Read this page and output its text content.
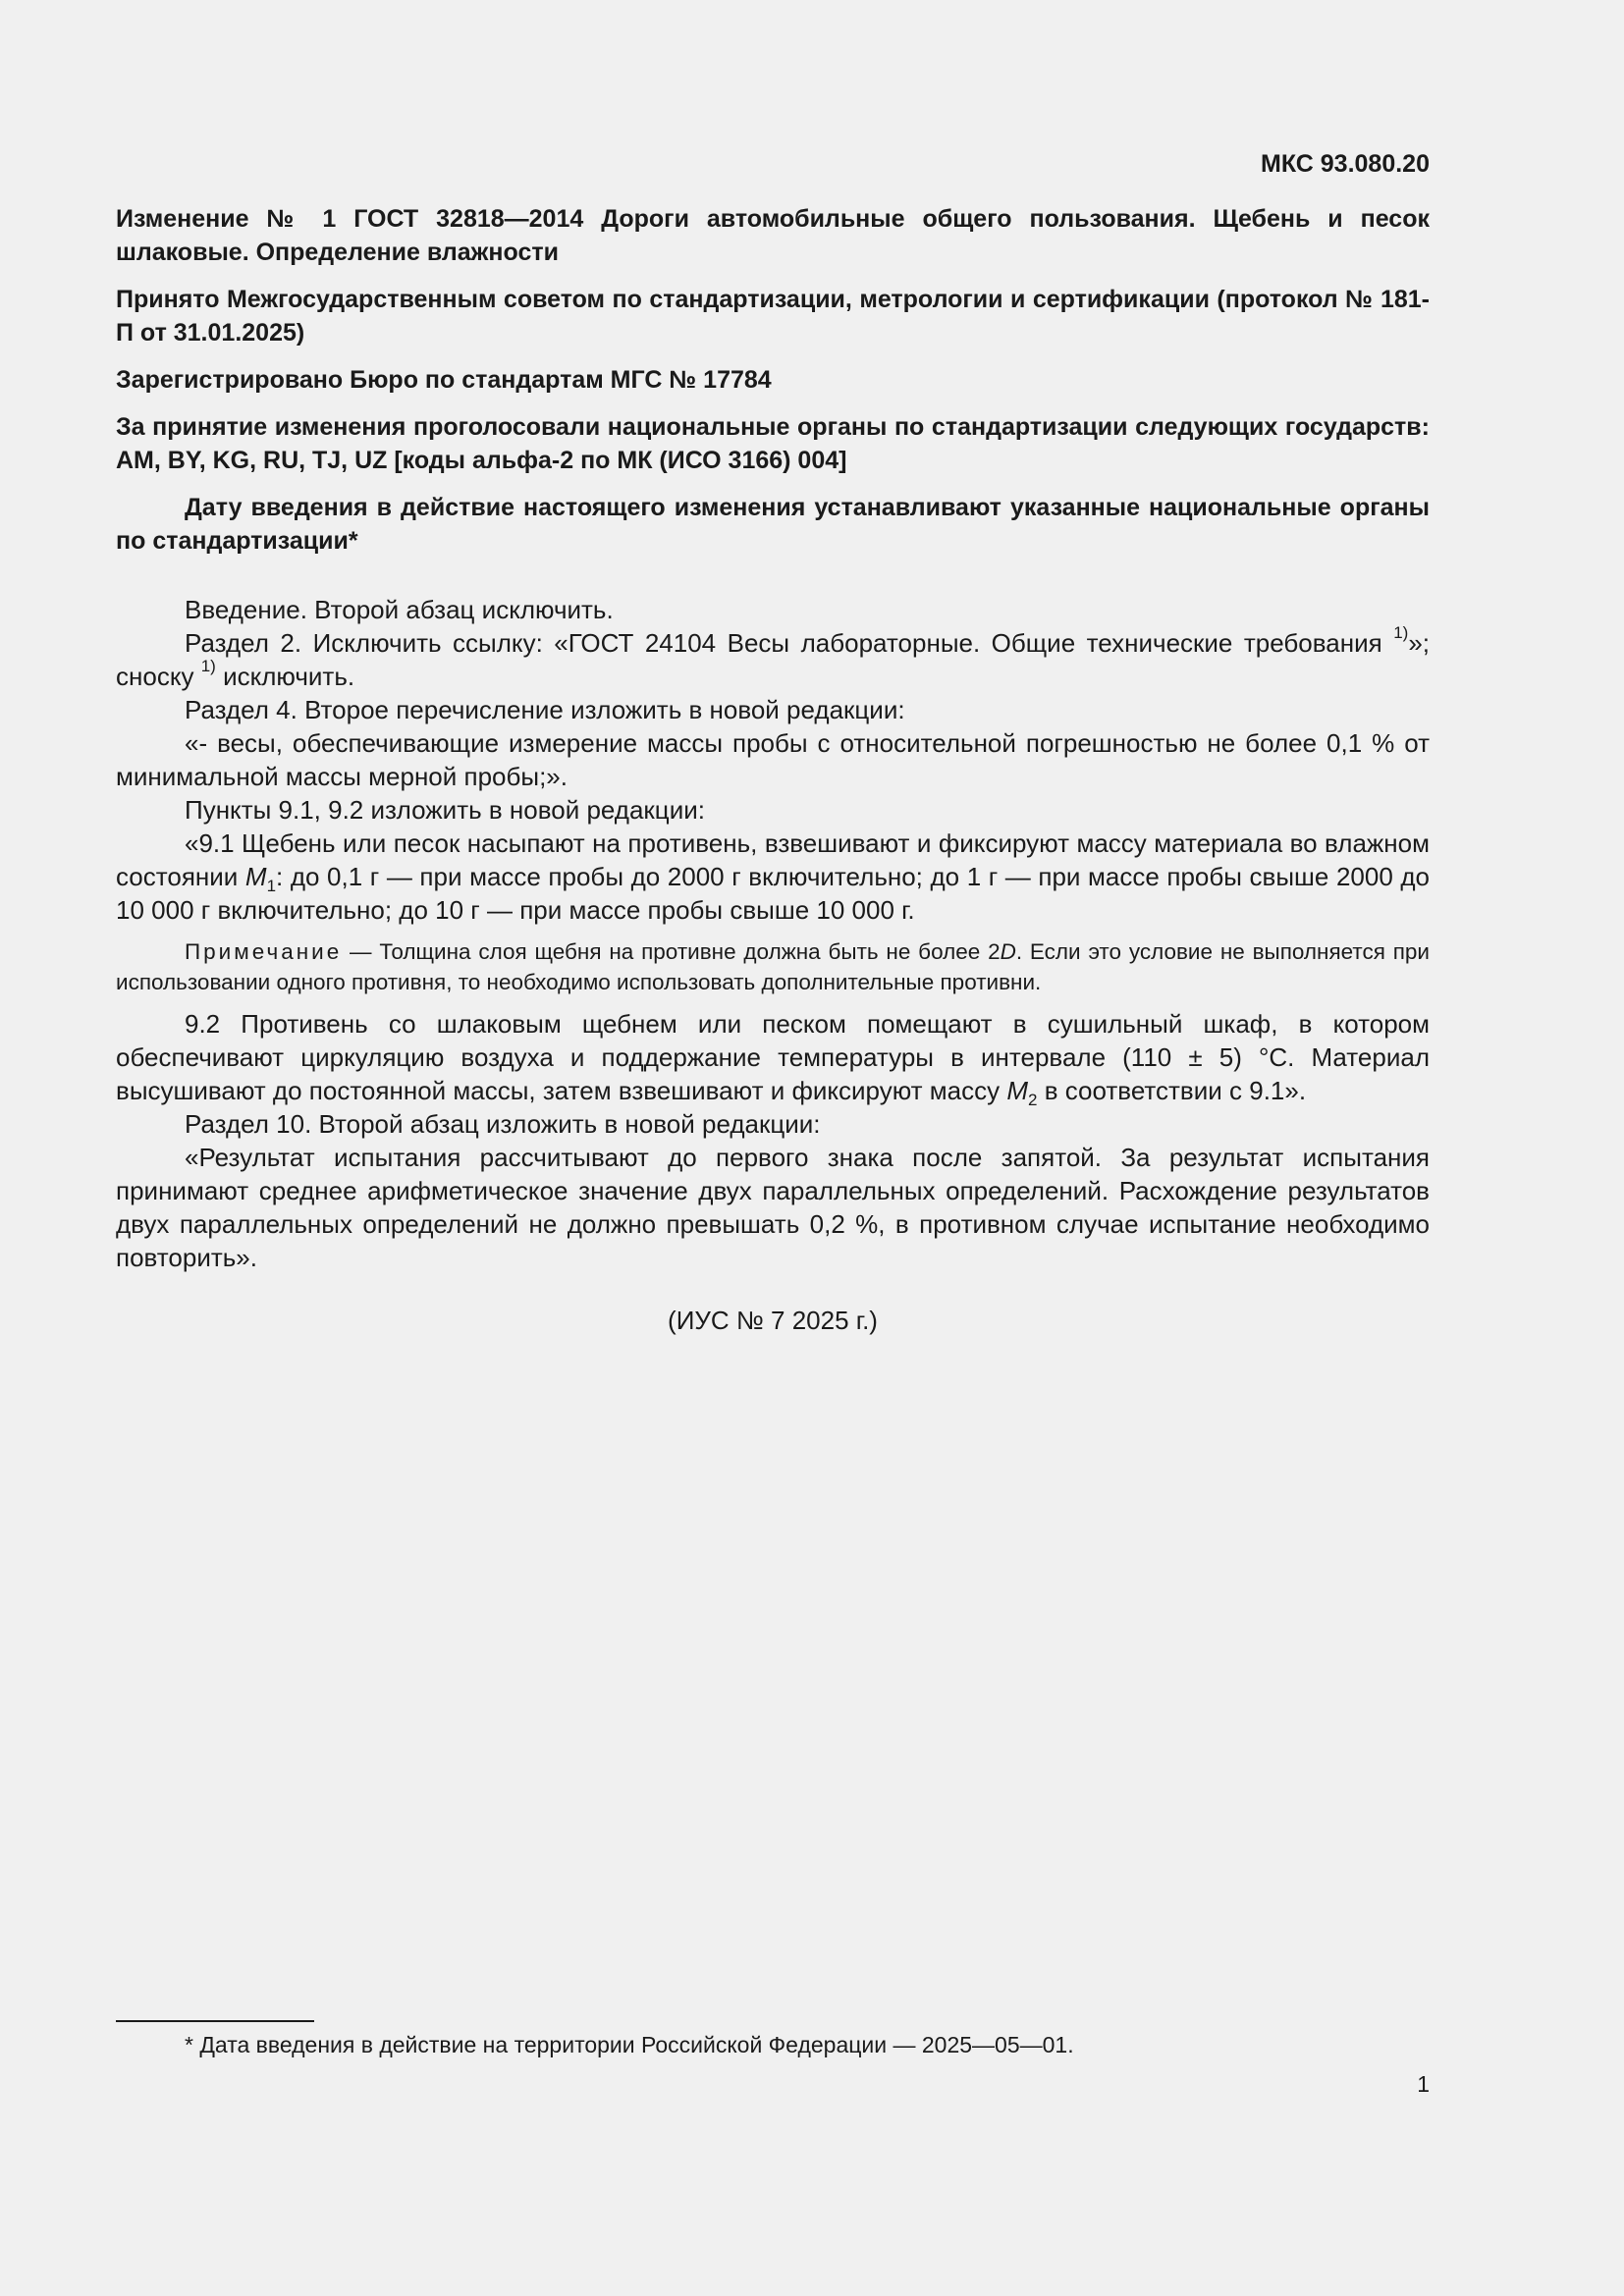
МКС 93.080.20
Изменение № 1 ГОСТ 32818—2014 Дороги автомобильные общего пользования. Щебень и песок шлаковые. Определение влажности
Принято Межгосударственным советом по стандартизации, метрологии и сертификации (протокол № 181-П от 31.01.2025)
Зарегистрировано Бюро по стандартам МГС № 17784
За принятие изменения проголосовали национальные органы по стандартизации следующих государств: AM, BY, KG, RU, TJ, UZ [коды альфа-2 по МК (ИСО 3166) 004]
Дату введения в действие настоящего изменения устанавливают указанные национальные органы по стандартизации*

Введение. Второй абзац исключить.

Раздел 2. Исключить ссылку: «ГОСТ 24104 Весы лабораторные. Общие технические требования $^{1)}$»; сноску $^{1)}$ исключить.

Раздел 4. Второе перечисление изложить в новой редакции:

«- весы, обеспечивающие измерение массы пробы с относительной погрешностью не более 0,1 % от минимальной массы мерной пробы;».

Пункты 9.1, 9.2 изложить в новой редакции:

«9.1 Щебень или песок насыпают на противень, взвешивают и фиксируют массу материала во влажном состоянии $M_1$: до 0,1 г — при массе пробы до 2000 г включительно; до 1 г — при массе пробы свыше 2000 до 10 000 г включительно; до 10 г — при массе пробы свыше 10 000 г.

Примечание — Толщина слоя щебня на противне должна быть не более 2D. Если это условие не выполняется при использовании одного противня, то необходимо использовать дополнительные противни.

9.2 Противень со шлаковым щебнем или песком помещают в сушильный шкаф, в котором обеспечивают циркуляцию воздуха и поддержание температуры в интервале (110 ± 5) °С. Материал высушивают до постоянной массы, затем взвешивают и фиксируют массу $M_2$ в соответствии с 9.1».

Раздел 10. Второй абзац изложить в новой редакции:

«Результат испытания рассчитывают до первого знака после запятой. За результат испытания принимают среднее арифметическое значение двух параллельных определений. Расхождение результатов двух параллельных определений не должно превышать 0,2 %, в противном случае испытание необходимо повторить».

(ИУС № 7 2025 г.)
* Дата введения в действие на территории Российской Федерации — 2025—05—01.
1
